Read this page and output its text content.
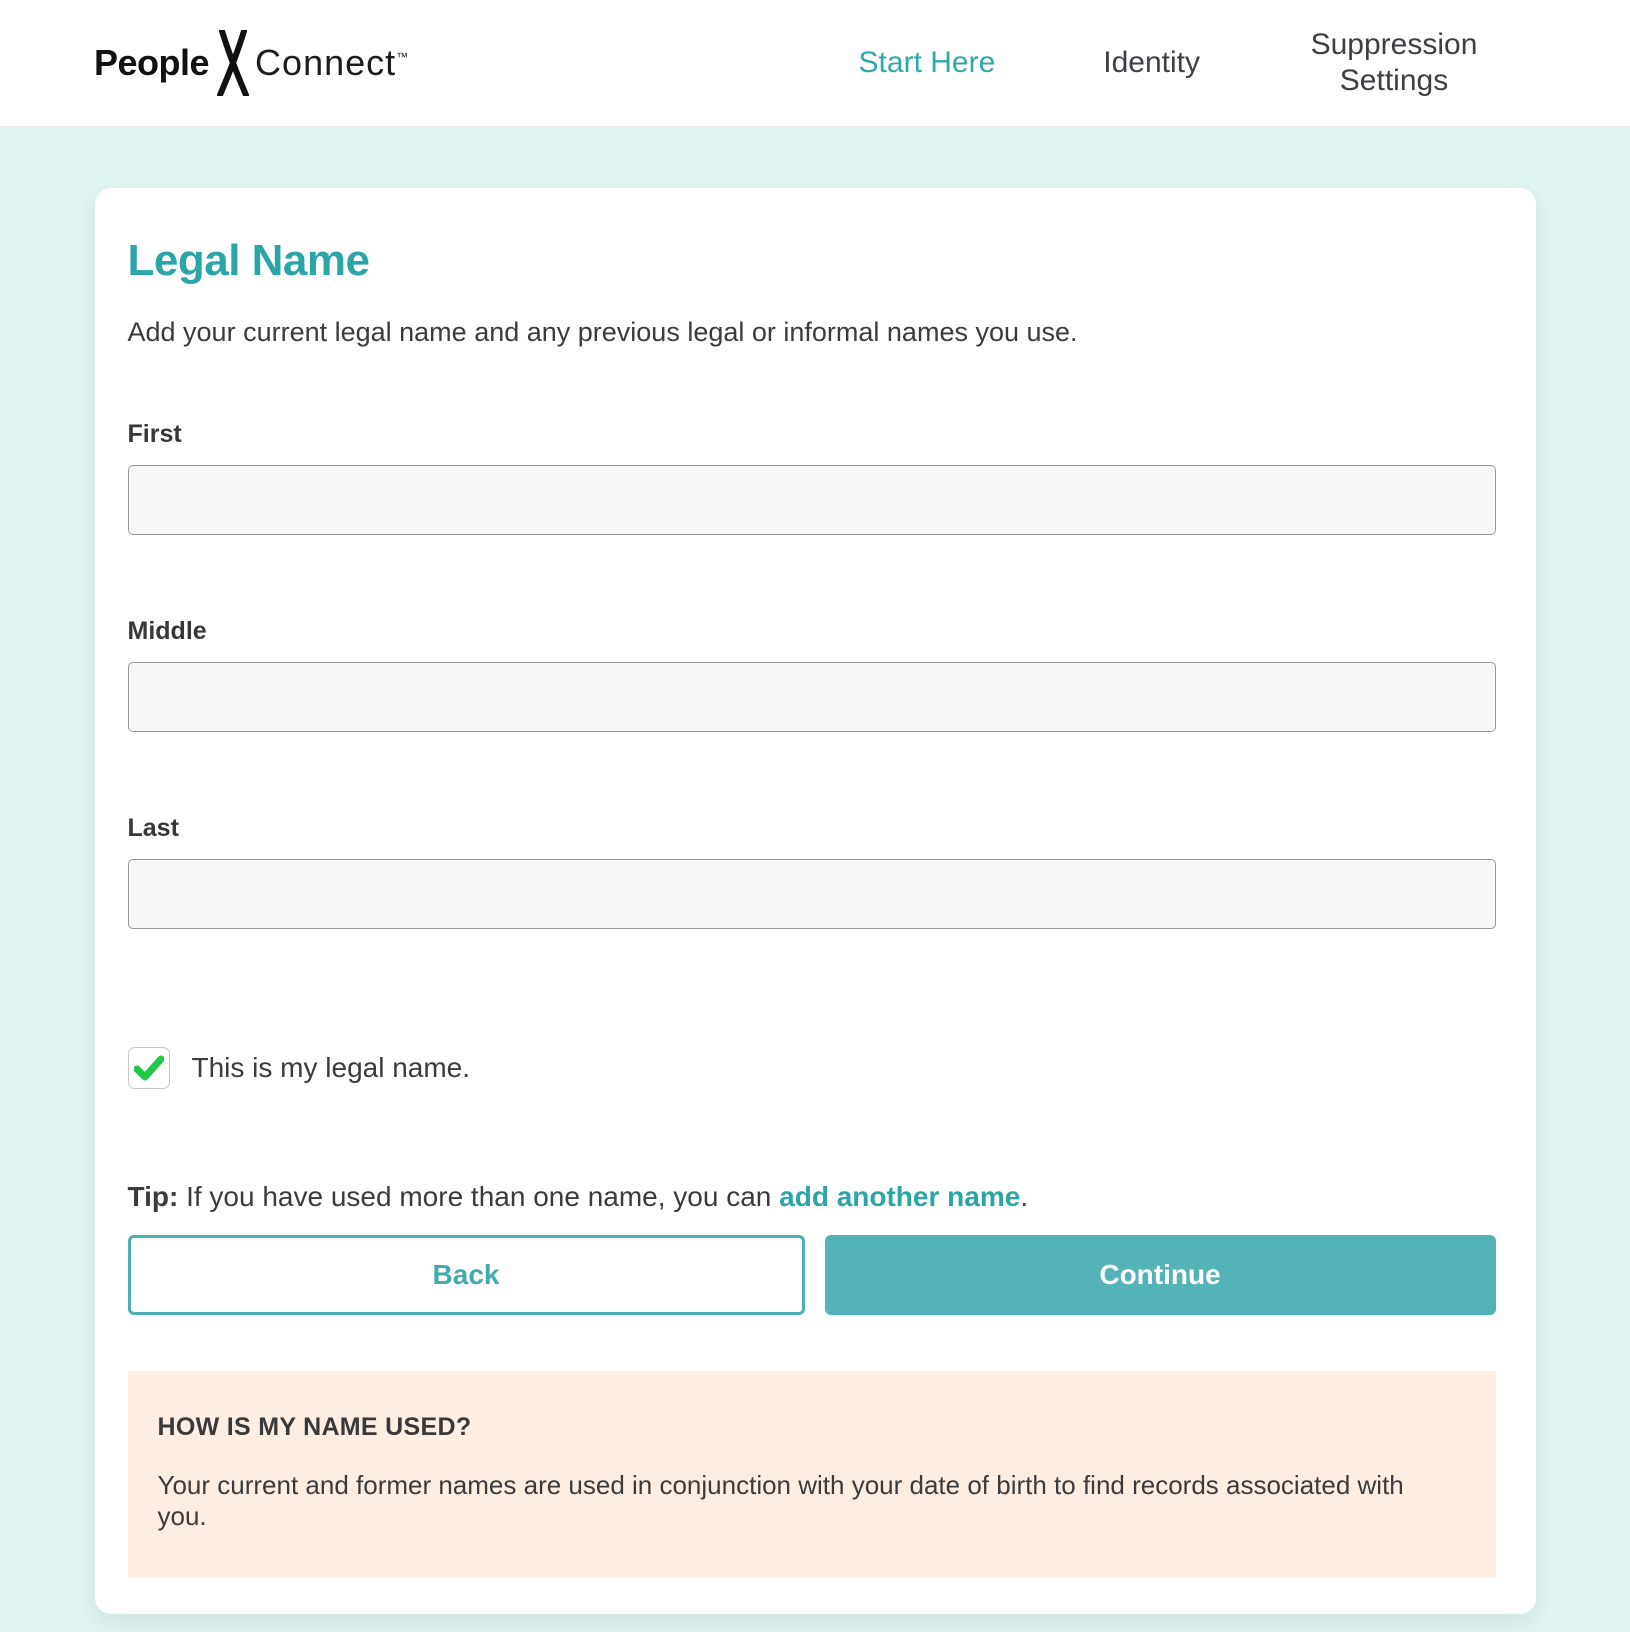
People Connect™	Start Here	Identity
Suppression Settings
Legal Name

Add your current legal name and any previous legal or informal names you use.

First
Middle
Last
This is my legal name.

Tip: If you have used more than one name, you can add another name.

Back	Continue
HOW IS MY NAME USED?

Your current and former names are used in conjunction with your date of birth to find records associated with you.
